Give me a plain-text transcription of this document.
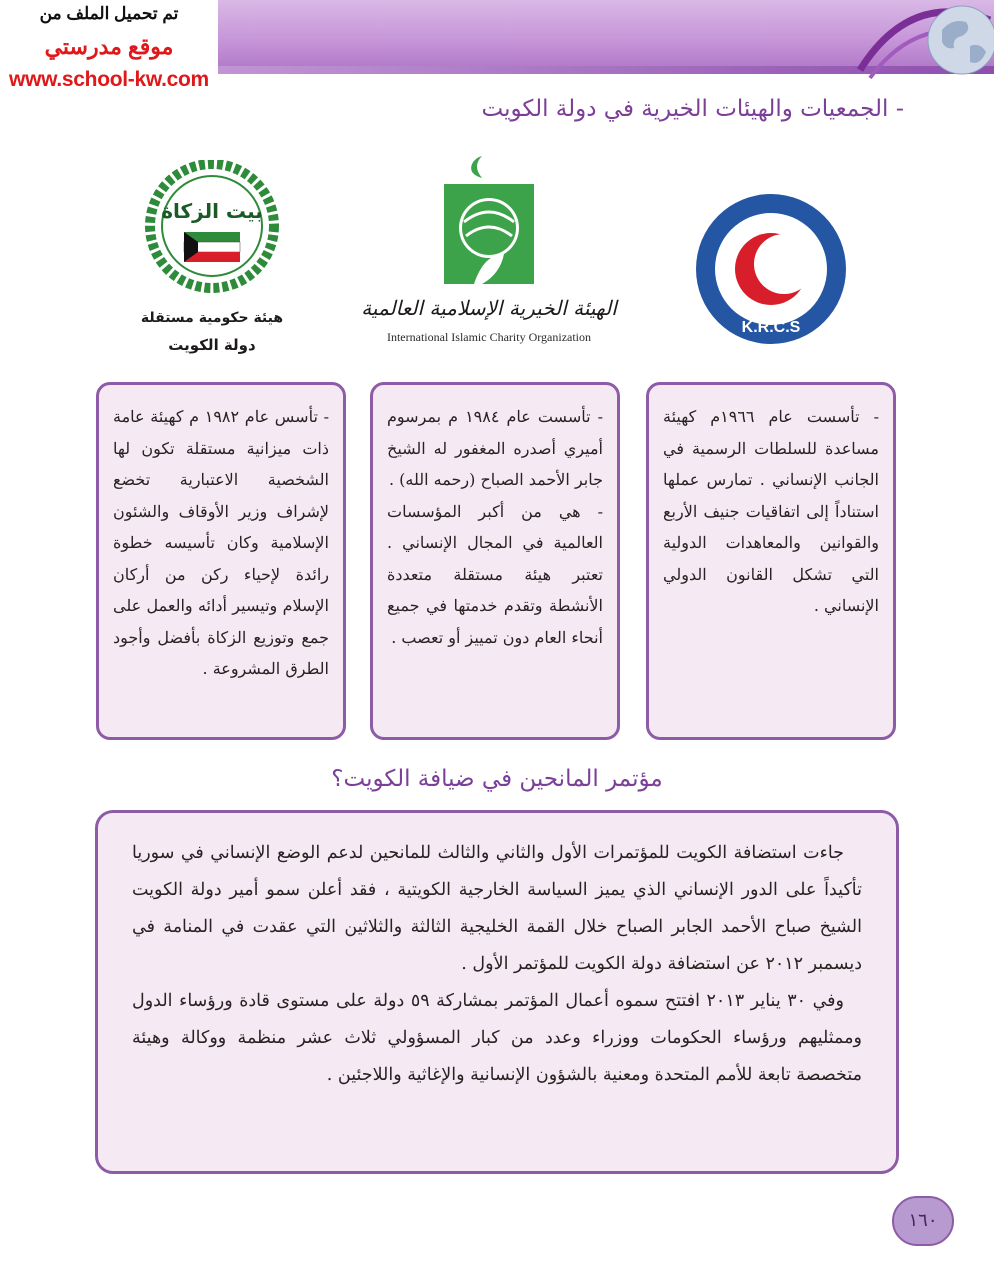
تم تحميل الملف من
موقع مدرستي
www.school-kw.com
- الجمعيات والهيئات الخيرية في دولة الكويت
K.R.C.S
الهيئة الخيرية الإسلامية العالمية
International Islamic Charity Organization
بيت الزكاة
هيئة حكومية مستقلة
دولة الكويت

- تأسست عام ١٩٦٦م كهيئة مساعدة للسلطات الرسمية في الجانب الإنساني . تمارس عملها استناداً إلى اتفاقيات جنيف الأربع والقوانين والمعاهدات الدولية التي تشكل القانون الدولي الإنساني .

- تأسست عام ١٩٨٤ م بمرسوم أميري أصدره المغفور له الشيخ جابر الأحمد الصباح (رحمه الله) .

- هي من أكبر المؤسسات العالمية في المجال الإنساني . تعتبر هيئة مستقلة متعددة الأنشطة وتقدم خدمتها في جميع أنحاء العام دون تمييز أو تعصب .

- تأسس عام ١٩٨٢ م كهيئة عامة ذات ميزانية مستقلة تكون لها الشخصية الاعتبارية تخضع لإشراف وزير الأوقاف والشئون الإسلامية وكان تأسيسه خطوة رائدة لإحياء ركن من أركان الإسلام وتيسير أدائه والعمل على جمع وتوزيع الزكاة بأفضل وأجود الطرق المشروعة .

مؤتمر المانحين في ضيافة الكويت؟

جاءت استضافة الكويت للمؤتمرات الأول والثاني والثالث للمانحين لدعم الوضع الإنساني في سوريا تأكيداً على الدور الإنساني الذي يميز السياسة الخارجية الكويتية ، فقد أعلن سمو أمير دولة الكويت الشيخ صباح الأحمد الجابر الصباح خلال القمة الخليجية الثالثة والثلاثين التي عقدت في المنامة في ديسمبر ٢٠١٢ عن استضافة دولة الكويت للمؤتمر الأول .

وفي ٣٠ يناير ٢٠١٣ افتتح سموه أعمال المؤتمر بمشاركة ٥٩ دولة على مستوى قادة ورؤساء الدول وممثليهم ورؤساء الحكومات ووزراء وعدد من كبار المسؤولي ثلاث عشر منظمة ووكالة وهيئة متخصصة تابعة للأمم المتحدة ومعنية بالشؤون الإنسانية والإغاثية واللاجئين .

١٦٠
